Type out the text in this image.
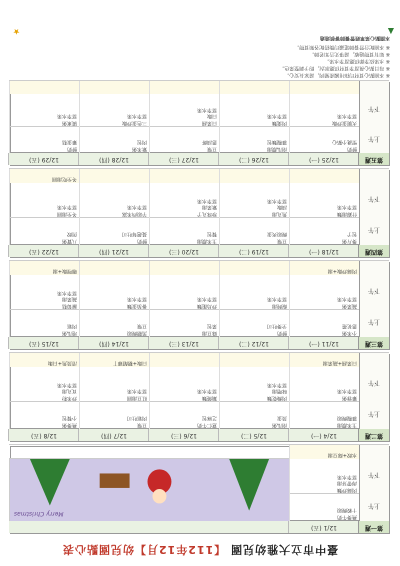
臺中市立大雅幼兒園 【112年12月】幼兒園點心表
第一週
12/1 (五)
上午
Merry Christmas	燕麥牛奶
十穀饅頭
下午
肉絲炒麵
海帶芽湯
當季水果
水餃+綠豆湯
第二週
12/4 (一)
12/5 (二)
12/6 (三)
12/7 (四)
12/8 (五)
上午
玉米濃湯
雜糧饅頭
南瓜粥
蒸蛋
薏仁牛奶
芝麻包
豆漿
肉鬆吐司
燕麥粥
小餐包
下午
雞蓉粥
當季水果
肉燥乾麵
味噌湯
當季水果
鍋燒麵
當季水果
紅豆湯圓
當季水果
炒米粉
貢丸湯
當季水果
白菜滷+蔬菜湯
白飯+糖醋雞丁
清蒸魚+白飯
第三週
12/11 (一)
12/12 (二)
12/13 (三)
12/14 (四)
12/15 (五)
上午
小米粥
蔥花捲
鮮奶
全麥吐司
綠豆湯
菜包
黑糖饅頭
豆漿
地瓜粥
肉鬆
下午
蔬菜粥
當季水果
餛飩湯
當季水果
炒烏龍麵
當季水果
番茄蛋麵
當季水果
蘿蔔糕
蔬菜湯
當季水果
肉絲炒飯+湯
咖哩飯+湯
第四週
12/18 (一)
12/19 (二)
12/20 (三)
12/21 (四)
12/22 (五)
上午
麥片粥
包子
豆漿
饅頭夾蛋
玉米濃湯
餐包
鮮奶
蔓越莓吐司
八寶粥
煎餃
下午
什錦湯麵
當季水果
魚丸湯
油飯
當季水果
珍珠丸子
紫菜湯
當季水果
芋頭西米露
當季水果
冬至湯圓
當季水果
冬至吃湯圓
第五週
12/25 (一)
12/26 (二)
12/27 (三)
12/28 (四)
12/29 (五)
上午
鮮奶
聖誕小點心
南瓜濃湯
雜糧麵包
豆漿
蔥油餅
紫米粥
肉包
鮮奶
雞蛋糕
下午
火腿蛋炒飯
當季水果
肉羹麵
當季水果
白菜滷
白飯
當季水果
三色蛋炒飯
當季水果
廣東粥
當季水果
※ 本園點心食材均採用國產豬肉，請家長安心。
※ 每日點心視當季食材供應狀況，酌予調整菜色。
※ 水果依季節供應當季水果。
※ 如有食物過敏，請事先告知老師。
※ 本園配合營養師建議均衡搭配各類食物。
本園點心菜單經營養師審核通過
▲
★
